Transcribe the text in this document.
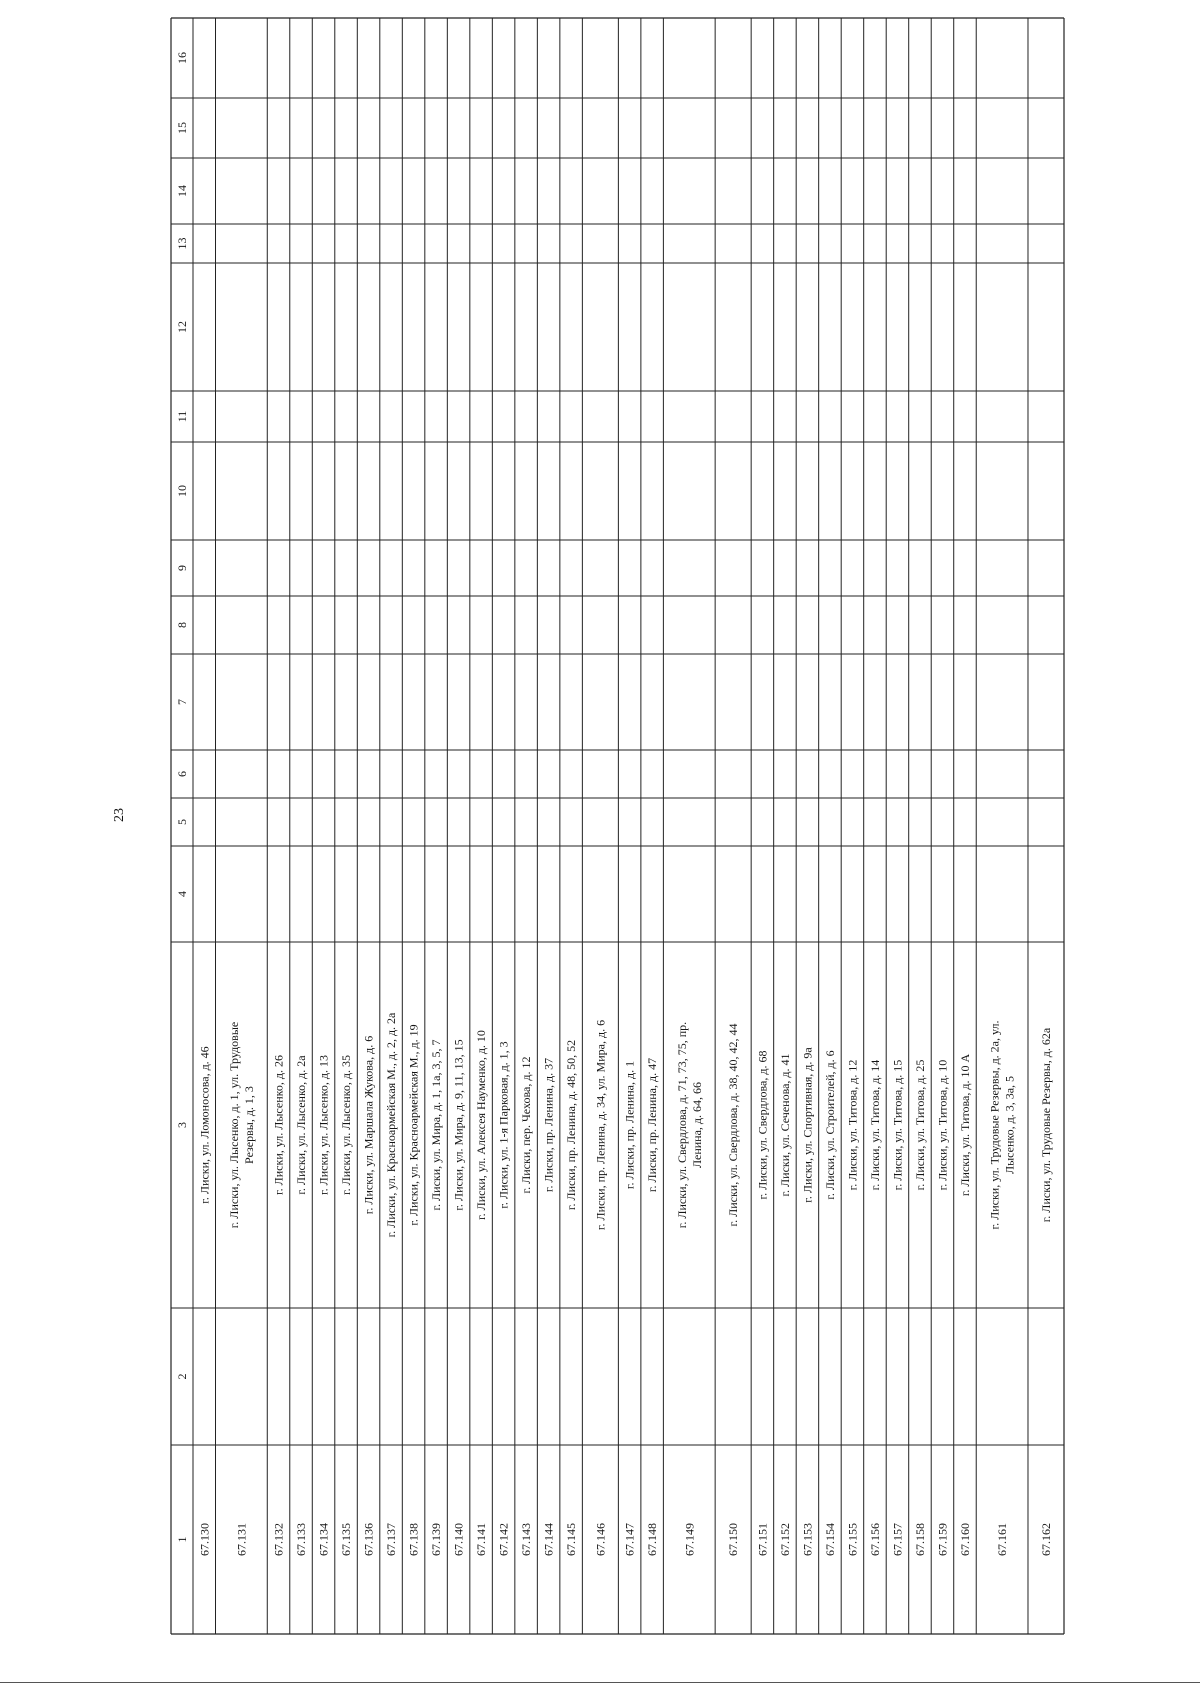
23
1
2
3
4
5
6
7
8
9
10
11
12
13
14
15
16
67.130
г. Лиски, ул. Ломоносова, д. 46
67.131
г. Лиски, ул. Лысенко, д. 1, ул. Трудовые Резервы, д. 1, 3
67.132
г. Лиски, ул. Лысенко, д. 26
67.133
г. Лиски, ул. Лысенко, д. 2а
67.134
г. Лиски, ул. Лысенко, д. 13
67.135
г. Лиски, ул. Лысенко, д. 35
67.136
г. Лиски, ул. Маршала Жукова, д. 6
67.137
г. Лиски, ул. Красноармейская М., д. 2, д. 2а
67.138
г. Лиски, ул. Красноармейская М., д. 19
67.139
г. Лиски, ул. Мира, д. 1, 1а, 3, 5, 7
67.140
г. Лиски, ул. Мира, д. 9, 11, 13, 15
67.141
г. Лиски, ул. Алексея Науменко, д. 10
67.142
г. Лиски, ул. 1-я Парковая, д. 1, 3
67.143
г. Лиски, пер. Чехова, д. 12
67.144
г. Лиски, пр. Ленина, д. 37
67.145
г. Лиски, пр. Ленина, д. 48, 50, 52
67.146
г. Лиски, пр. Ленина, д. 34, ул. Мира, д. 6
67.147
г. Лиски, пр. Ленина, д. 1
67.148
г. Лиски, пр. Ленина, д. 47
67.149
г. Лиски, ул. Свердлова, д. 71, 73, 75, пр. Ленина, д. 64, 66
67.150
г. Лиски, ул. Свердлова, д. 38, 40, 42, 44
67.151
г. Лиски, ул. Свердлова, д. 68
67.152
г. Лиски, ул. Сеченова, д. 41
67.153
г. Лиски, ул. Спортивная, д. 9а
67.154
г. Лиски, ул. Строителей, д. 6
67.155
г. Лиски, ул. Титова, д. 12
67.156
г. Лиски, ул. Титова, д. 14
67.157
г. Лиски, ул. Титова, д. 15
67.158
г. Лиски, ул. Титова, д. 25
67.159
г. Лиски, ул. Титова, д. 10
67.160
г. Лиски, ул. Титова, д. 10 А
67.161
г. Лиски, ул. Трудовые Резервы, д. 2а, ул. Лысенко, д. 3, 3а, 5
67.162
г. Лиски, ул. Трудовые Резервы, д. 62а
